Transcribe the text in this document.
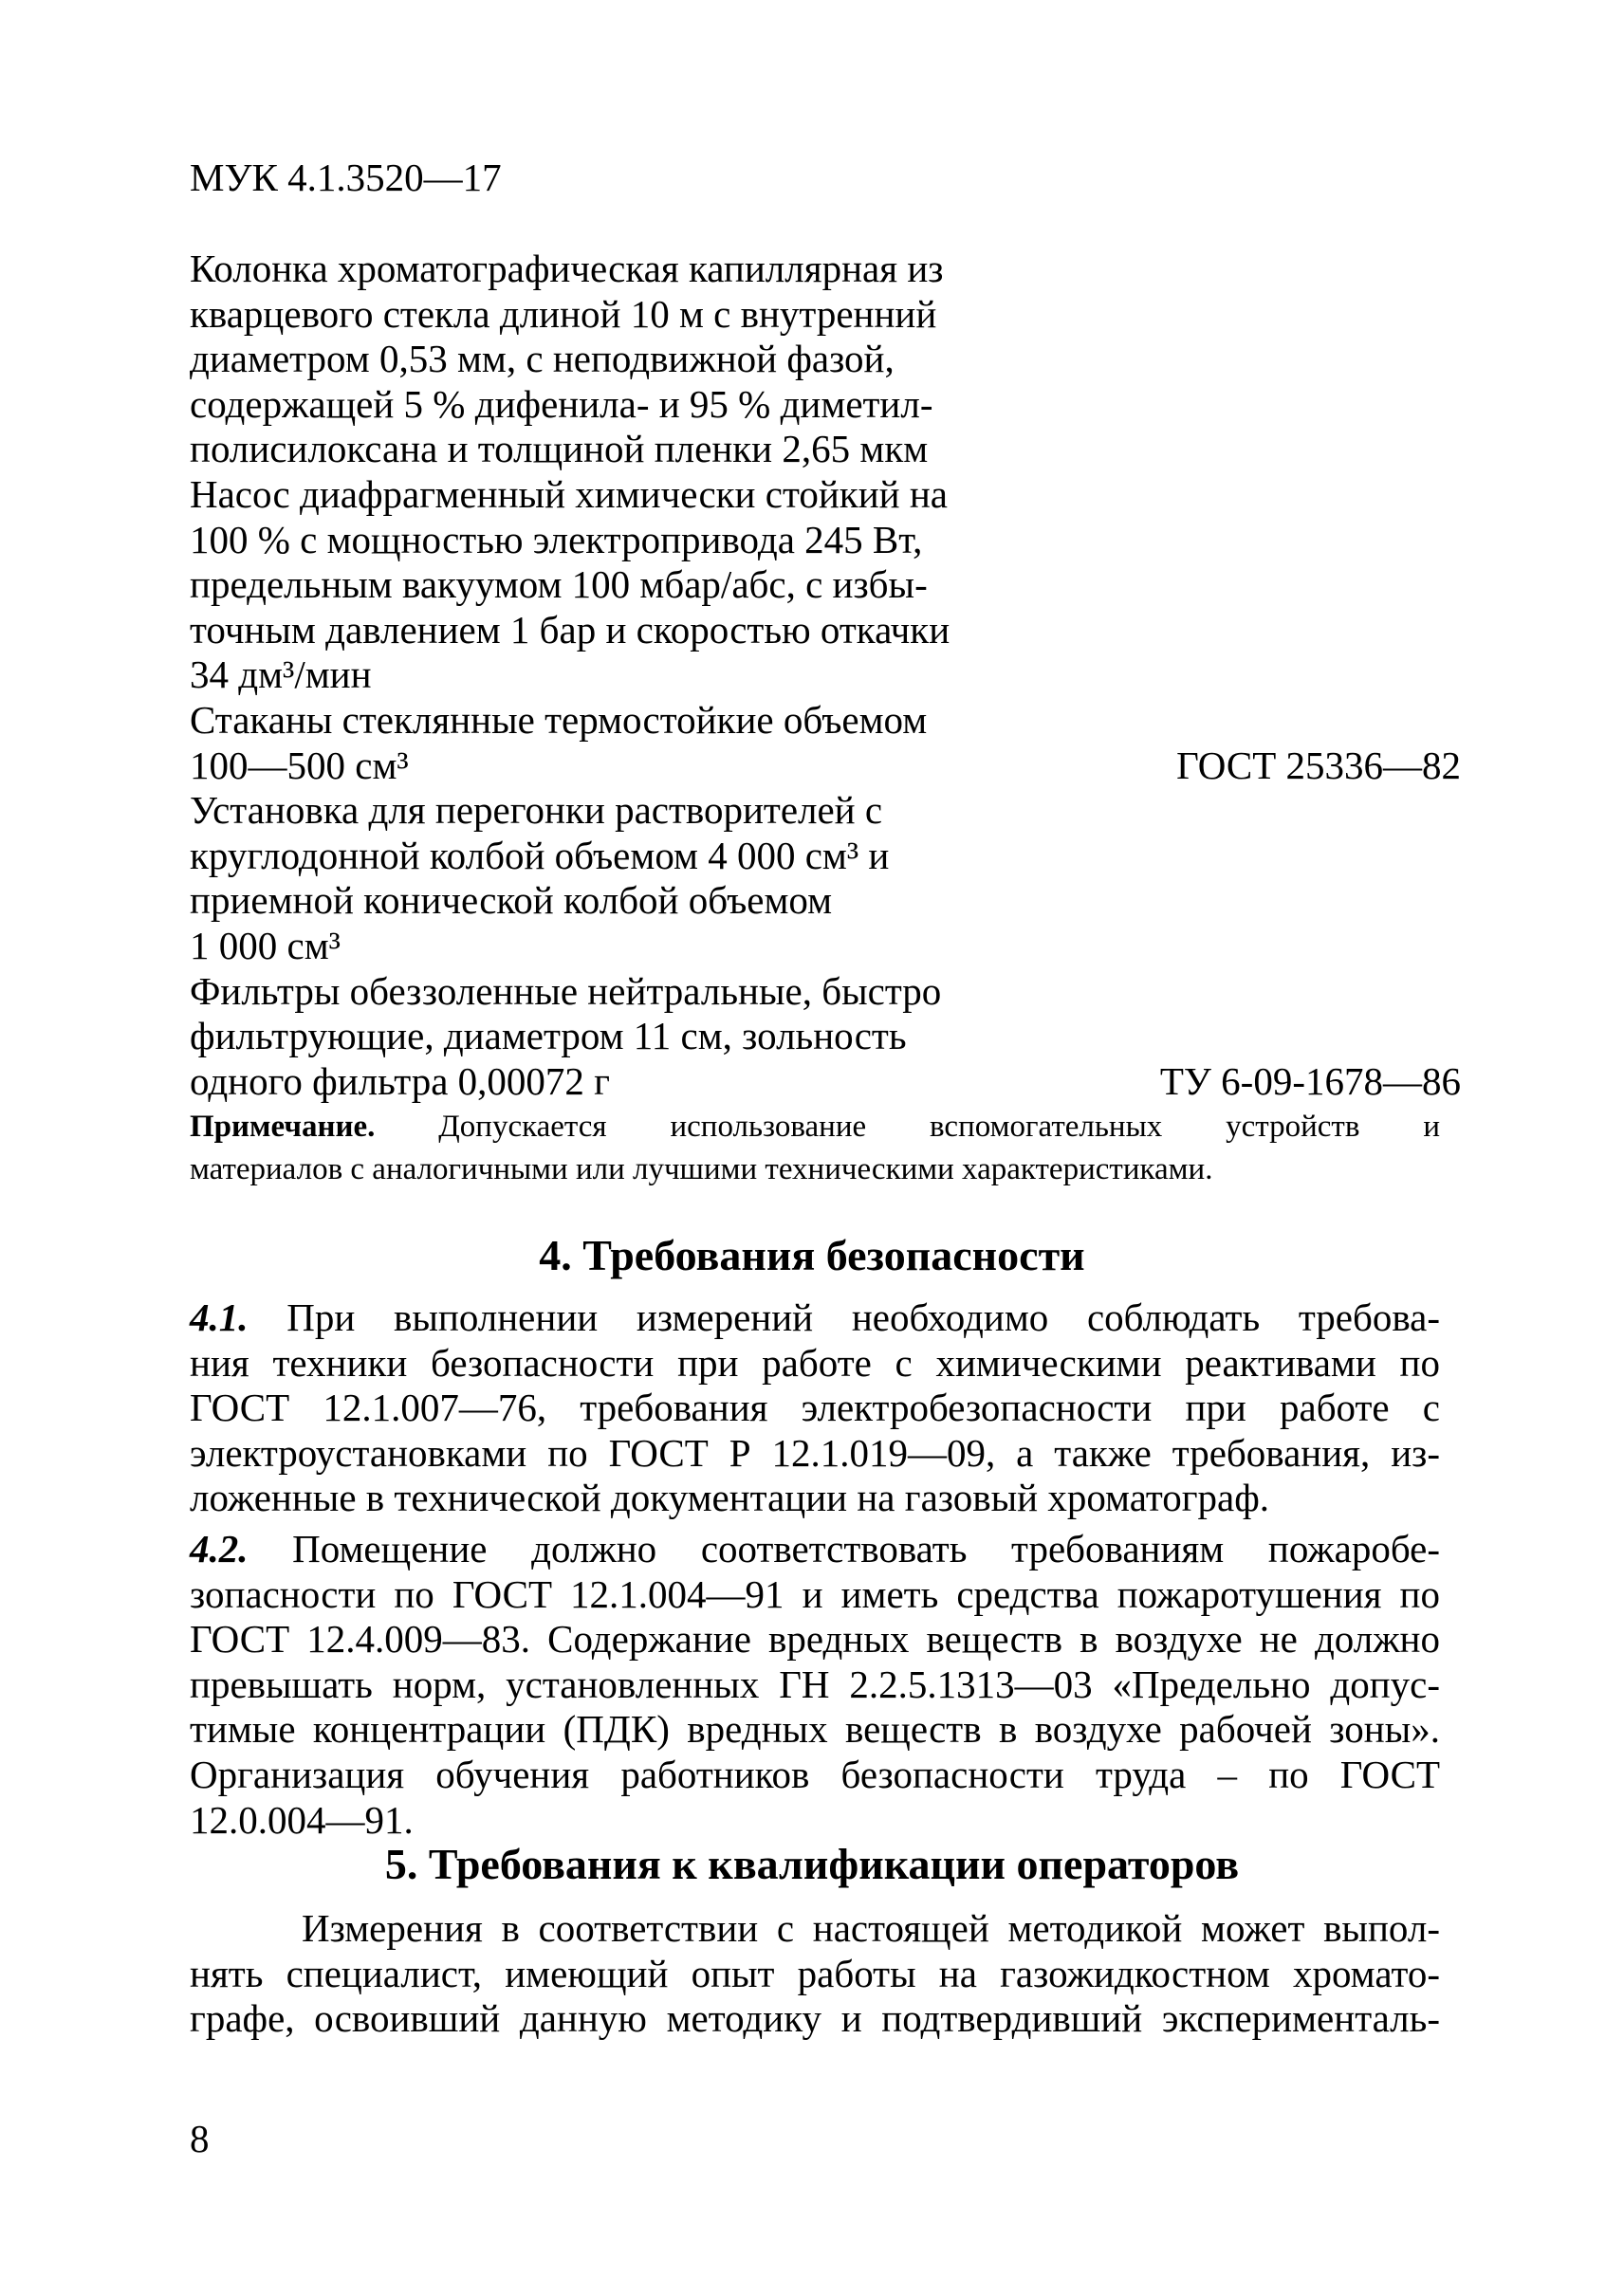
МУК 4.1.3520—17
Колонка хроматографическая капиллярная из
кварцевого стекла длиной 10 м с внутренний
диаметром 0,53 мм, с неподвижной фазой,
содержащей 5 % дифенила- и 95 % диметил-
полисилоксана и толщиной пленки 2,65 мкм
Насос диафрагменный химически стойкий на
100 % с мощностью электропривода 245 Вт,
предельным вакуумом 100 мбар/абс, с избы-
точным давлением 1 бар и скоростью откачки
34 дм³/мин
Стаканы стеклянные термостойкие объемом
100—500 см³	ГОСТ 25336—82
Установка для перегонки растворителей с
круглодонной колбой объемом 4 000 см³ и
приемной конической колбой объемом
1 000 см³
Фильтры обеззоленные нейтральные, быстро
фильтрующие, диаметром 11 см, зольность
одного фильтра 0,00072 г	ТУ 6-09-1678—86
Примечание. Допускается использование вспомогательных устройств и
материалов с аналогичными или лучшими техническими характеристиками.
4. Требования безопасности
4.1. При выполнении измерений необходимо соблюдать требова-
ния техники безопасности при работе с химическими реактивами по
ГОСТ 12.1.007—76, требования электробезопасности при работе с
электроустановками по ГОСТ Р 12.1.019—09, а также требования, из-
ложенные в технической документации на газовый хроматограф.
4.2. Помещение должно соответствовать требованиям пожаробе-
зопасности по ГОСТ 12.1.004—91 и иметь средства пожаротушения по
ГОСТ 12.4.009—83. Содержание вредных веществ в воздухе не должно
превышать норм, установленных ГН 2.2.5.1313—03 «Предельно допус-
тимые концентрации (ПДК) вредных веществ в воздухе рабочей зоны».
Организация обучения работников безопасности труда – по ГОСТ
12.0.004—91.
5. Требования к квалификации операторов
Измерения в соответствии с настоящей методикой может выпол-
нять специалист, имеющий опыт работы на газожидкостном хромато-
графе, освоивший данную методику и подтвердивший эксперименталь-
8
